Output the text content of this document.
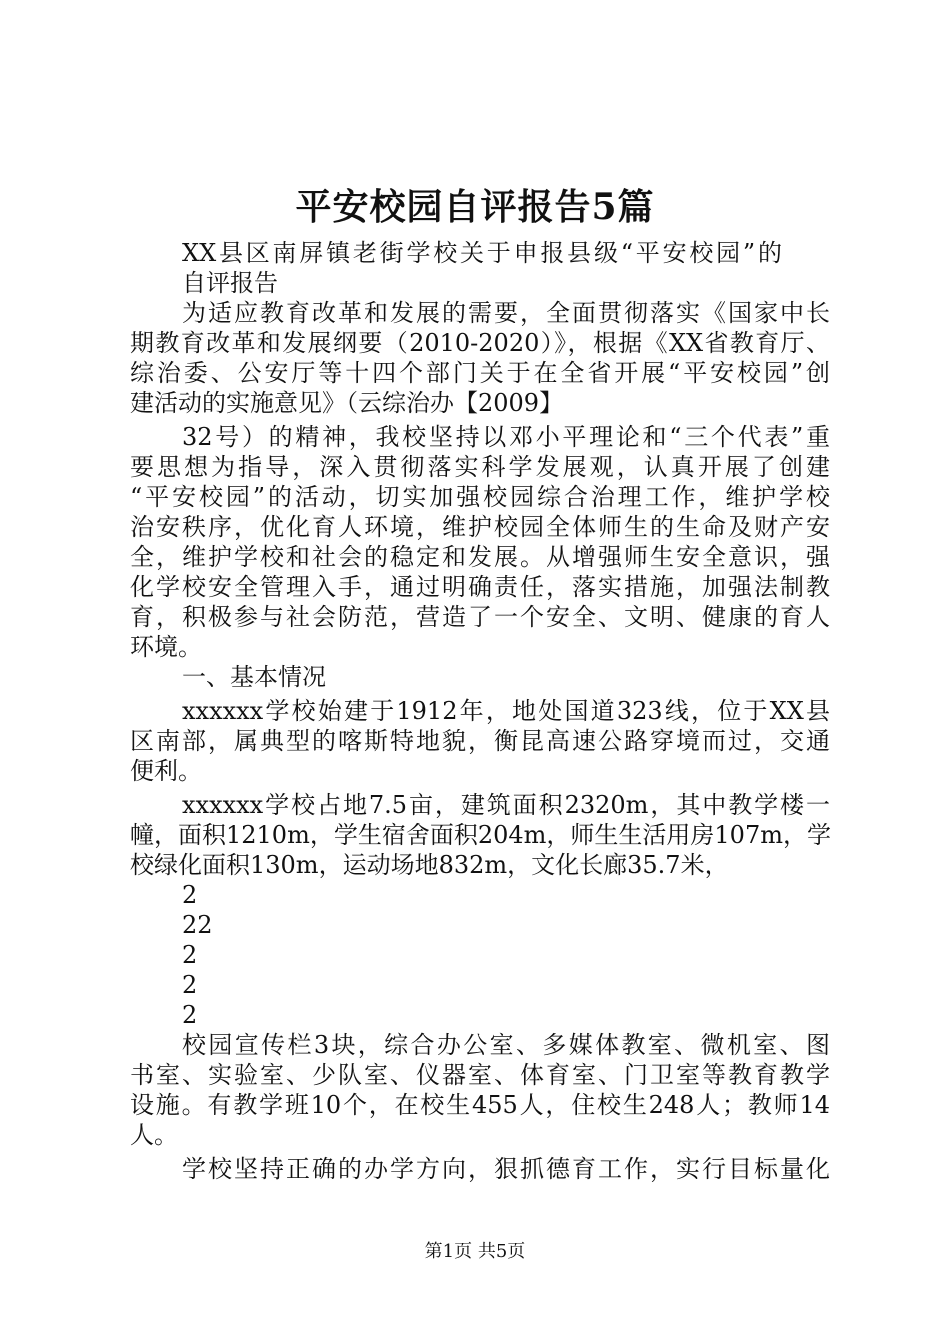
平安校园自评报告5篇
XX县区南屏镇老街学校关于申报县级“平安校园”的
自评报告
为适应教育改革和发展的需要，全面贯彻落实《国家中长
期教育改革和发展纲要（2010-2020）》，根据《XX省教育厅、
综治委、公安厅等十四个部门关于在全省开展“平安校园”创
建活动的实施意见》（云综治办【2009】
32号）的精神，我校坚持以邓小平理论和“三个代表”重
要思想为指导，深入贯彻落实科学发展观，认真开展了创建
“平安校园”的活动，切实加强校园综合治理工作，维护学校
治安秩序，优化育人环境，维护校园全体师生的生命及财产安
全，维护学校和社会的稳定和发展。从增强师生安全意识，强
化学校安全管理入手，通过明确责任，落实措施，加强法制教
育，积极参与社会防范，营造了一个安全、文明、健康的育人
环境。
一、基本情况
xxxxxx学校始建于1912年，地处国道323线，位于XX县
区南部，属典型的喀斯特地貌，衡昆高速公路穿境而过，交通
便利。
xxxxxx学校占地7.5亩，建筑面积2320m，其中教学楼一
幢，面积1210m，学生宿舍面积204m，师生生活用房107m，学
校绿化面积130m，运动场地832m，文化长廊35.7米，
2
22
2
2
2
校园宣传栏3块，综合办公室、多媒体教室、微机室、图
书室、实验室、少队室、仪器室、体育室、门卫室等教育教学
设施。有教学班10个，在校生455人，住校生248人；教师14
人。
学校坚持正确的办学方向，狠抓德育工作，实行目标量化
第1页 共5页
